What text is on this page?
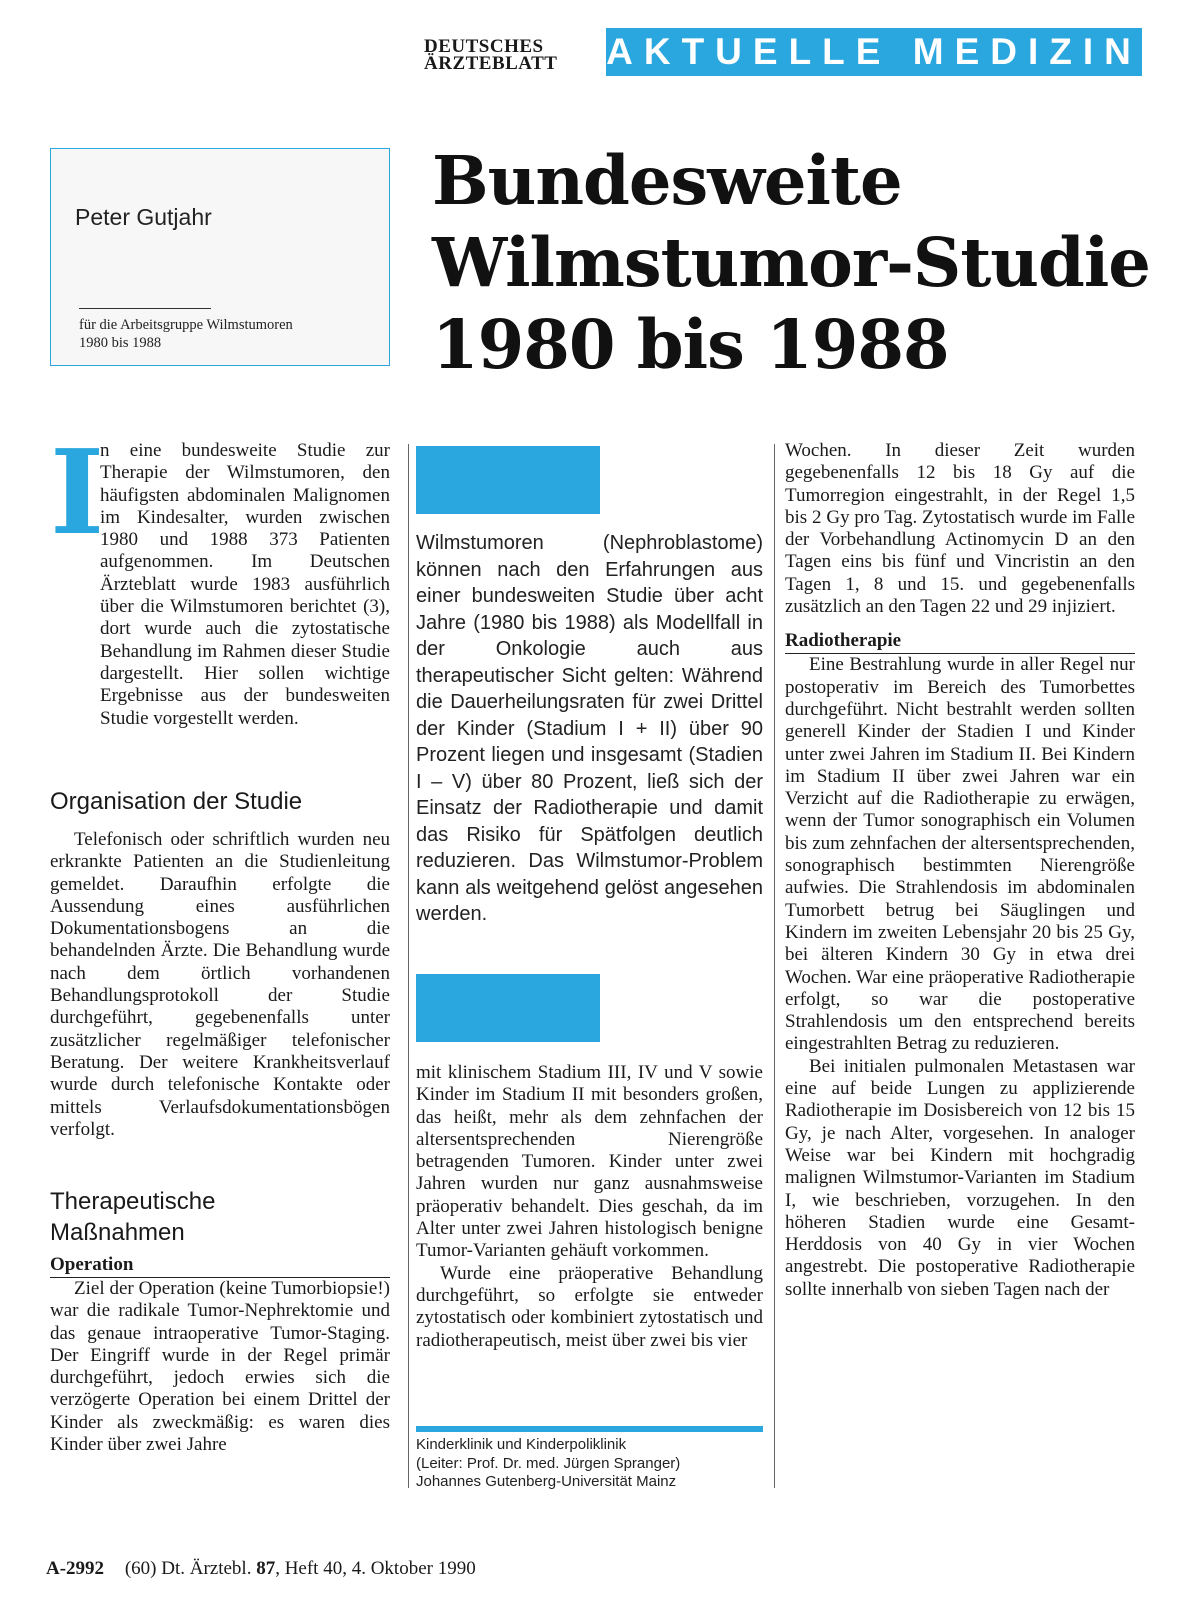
DEUTSCHES
ÄRZTEBLATT	AKTUELLE MEDIZIN
Peter Gutjahr
für die Arbeitsgruppe Wilmstumoren
1980 bis 1988
Bundesweite
Wilmstumor-Studie
1980 bis 1988
I

n eine bundesweite Studie zur Therapie der Wilmstumoren, den häufigsten abdominalen Malignomen im Kindesalter, wurden zwischen 1980 und 1988 373 Patienten aufgenommen. Im Deutschen Ärzteblatt wurde 1983 ausführlich über die Wilmstumoren berichtet (3), dort wurde auch die zytostatische Behandlung im Rahmen dieser Studie dargestellt. Hier sollen wichtige Ergebnisse aus der bundesweiten Studie vorgestellt werden.

Organisation der Studie

Telefonisch oder schriftlich wurden neu erkrankte Patienten an die Studienleitung gemeldet. Daraufhin erfolgte die Aussendung eines ausführlichen Dokumentationsbogens an die behandelnden Ärzte. Die Behandlung wurde nach dem örtlich vorhandenen Behandlungsprotokoll der Studie durchgeführt, gegebenenfalls unter zusätzlicher regelmäßiger telefonischer Beratung. Der weitere Krankheitsverlauf wurde durch telefonische Kontakte oder mittels Verlaufsdokumentationsbögen verfolgt.

Therapeutische
Maßnahmen
Operation

Ziel der Operation (keine Tumorbiopsie!) war die radikale Tumor-Nephrektomie und das genaue intraoperative Tumor-Staging. Der Eingriff wurde in der Regel primär durchgeführt, jedoch erwies sich die verzögerte Operation bei einem Drittel der Kinder als zweckmäßig: es waren dies Kinder über zwei Jahre

Wilmstumoren (Nephroblastome) können nach den Erfahrungen aus einer bundesweiten Studie über acht Jahre (1980 bis 1988) als Modellfall in der Onkologie auch aus therapeutischer Sicht gelten: Während die Dauerheilungsraten für zwei Drittel der Kinder (Stadium I + II) über 90 Prozent liegen und insgesamt (Stadien I – V) über 80 Prozent, ließ sich der Einsatz der Radiotherapie und damit das Risiko für Spätfolgen deutlich reduzieren. Das Wilmstumor-Problem kann als weitgehend gelöst angesehen werden.

mit klinischem Stadium III, IV und V sowie Kinder im Stadium II mit besonders großen, das heißt, mehr als dem zehnfachen der altersentsprechenden Nierengröße betragenden Tumoren. Kinder unter zwei Jahren wurden nur ganz ausnahmsweise präoperativ behandelt. Dies geschah, da im Alter unter zwei Jahren histologisch benigne Tumor-Varianten gehäuft vorkommen.

Wurde eine präoperative Behandlung durchgeführt, so erfolgte sie entweder zytostatisch oder kombiniert zytostatisch und radiotherapeutisch, meist über zwei bis vier

Kinderklinik und Kinderpoliklinik
(Leiter: Prof. Dr. med. Jürgen Spranger)
Johannes Gutenberg-Universität Mainz

Wochen. In dieser Zeit wurden gegebenenfalls 12 bis 18 Gy auf die Tumorregion eingestrahlt, in der Regel 1,5 bis 2 Gy pro Tag. Zytostatisch wurde im Falle der Vorbehandlung Actinomycin D an den Tagen eins bis fünf und Vincristin an den Tagen 1, 8 und 15. und gegebenenfalls zusätzlich an den Tagen 22 und 29 injiziert.

Radiotherapie

Eine Bestrahlung wurde in aller Regel nur postoperativ im Bereich des Tumorbettes durchgeführt. Nicht bestrahlt werden sollten generell Kinder der Stadien I und Kinder unter zwei Jahren im Stadium II. Bei Kindern im Stadium II über zwei Jahren war ein Verzicht auf die Radiotherapie zu erwägen, wenn der Tumor sonographisch ein Volumen bis zum zehnfachen der altersentsprechenden, sonographisch bestimmten Nierengröße aufwies. Die Strahlendosis im abdominalen Tumorbett betrug bei Säuglingen und Kindern im zweiten Lebensjahr 20 bis 25 Gy, bei älteren Kindern 30 Gy in etwa drei Wochen. War eine präoperative Radiotherapie erfolgt, so war die postoperative Strahlendosis um den entsprechend bereits eingestrahlten Betrag zu reduzieren.

Bei initialen pulmonalen Metastasen war eine auf beide Lungen zu applizierende Radiotherapie im Dosisbereich von 12 bis 15 Gy, je nach Alter, vorgesehen. In analoger Weise war bei Kindern mit hochgradig malignen Wilmstumor-Varianten im Stadium I, wie beschrieben, vorzugehen. In den höheren Stadien wurde eine Gesamt-Herddosis von 40 Gy in vier Wochen angestrebt. Die postoperative Radiotherapie sollte innerhalb von sieben Tagen nach der

A-2992 (60) Dt. Ärztebl. 87, Heft 40, 4. Oktober 1990
